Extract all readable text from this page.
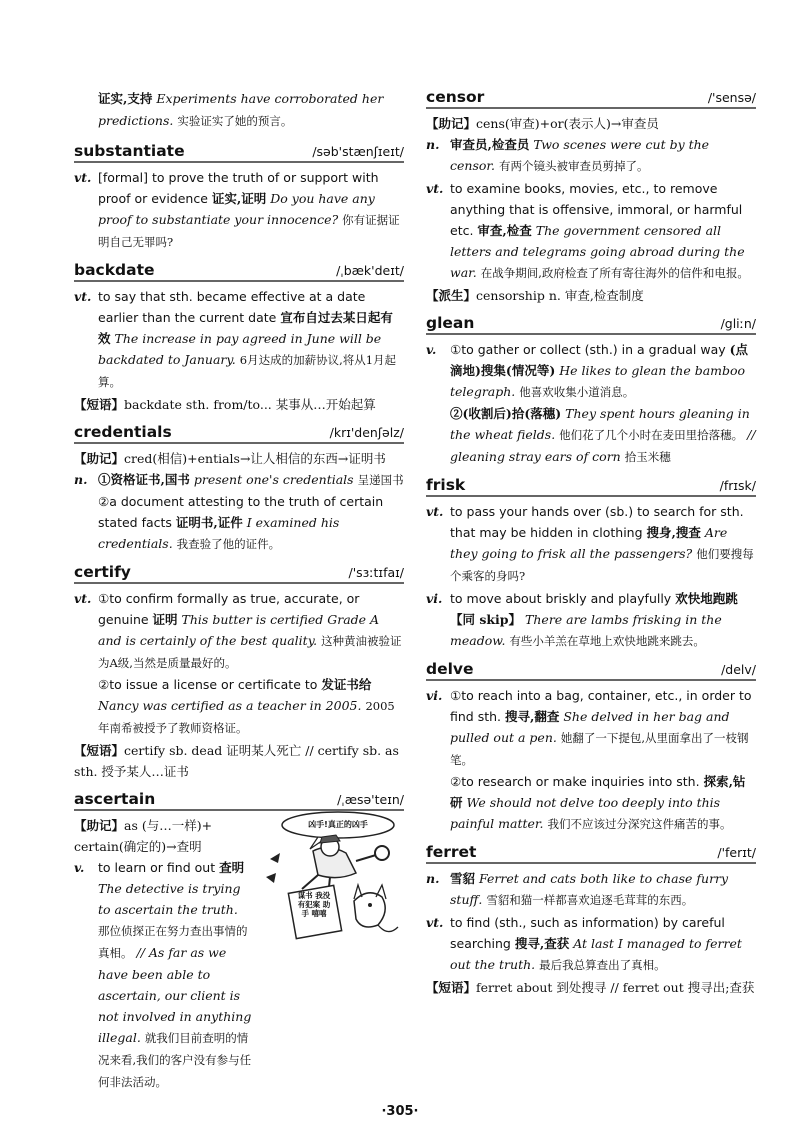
证实,支持 Experiments have corroborated her predictions. 实验证实了她的预言。
substantiate	/səb'stænʃɪeɪt/
vt. [formal] to prove the truth of or support with proof or evidence 证实,证明 Do you have any proof to substantiate your innocence? 你有证据证明自己无罪吗?
backdate	/ˌbæk'deɪt/
vt. to say that sth. became effective at a date earlier than the current date 宣布自过去某日起有效 The increase in pay agreed in June will be backdated to January. 6月达成的加薪协议,将从1月起算。
【短语】backdate sth. from/to... 某事从…开始起算
credentials	/krɪ'denʃəlz/
【助记】cred(相信)+entials→让人相信的东西→证明书
n. ①资格证书,国书 present one's credentials 呈递国书
②a document attesting to the truth of certain stated facts 证明书,证件 I examined his credentials. 我查验了他的证件。
certify	/'sɜːtɪfaɪ/
vt. ①to confirm formally as true, accurate, or genuine 证明 This butter is certified Grade A and is certainly of the best quality. 这种黄油被验证为A级,当然是质量最好的。
②to issue a license or certificate to 发证书给 Nancy was certified as a teacher in 2005. 2005年南希被授予了教师资格证。
【短语】certify sb. dead 证明某人死亡 // certify sb. as sth. 授予某人…证书
ascertain	/ˌæsə'teɪn/
凶手!真正的凶手
谋书 我没有犯案 助手 嘻嘻
【助记】as (与…一样)+ certain(确定的)→查明
v.	to learn or find out 查明 The detective is trying to ascertain the truth. 那位侦探正在努力查出事情的真相。 // As far as we have been able to ascertain, our client is not involved in anything illegal. 就我们目前查明的情况来看,我们的客户没有参与任何非法活动。
censor	/'sensə/
【助记】cens(审查)+or(表示人)→审查员
n. 审查员,检查员 Two scenes were cut by the censor. 有两个镜头被审查员剪掉了。
vt. to examine books, movies, etc., to remove anything that is offensive, immoral, or harmful etc. 审查,检查 The government censored all letters and telegrams going abroad during the war. 在战争期间,政府检查了所有寄往海外的信件和电报。
【派生】censorship n. 审查,检查制度
glean	/gliːn/
v.	①to gather or collect (sth.) in a gradual way (点滴地)搜集(情况等) He likes to glean the bamboo telegraph. 他喜欢收集小道消息。
②(收割后)拾(落穗) They spent hours gleaning in the wheat fields. 他们花了几个小时在麦田里拾落穗。 // gleaning stray ears of corn 拾玉米穗
frisk	/frɪsk/
vt. to pass your hands over (sb.) to search for sth. that may be hidden in clothing 搜身,搜查 Are they going to frisk all the passengers? 他们要搜每个乘客的身吗?
vi. to move about briskly and playfully 欢快地跑跳【同 skip】 There are lambs frisking in the meadow. 有些小羊羔在草地上欢快地跳来跳去。
delve	/delv/
vi. ①to reach into a bag, container, etc., in order to find sth. 搜寻,翻查 She delved in her bag and pulled out a pen. 她翻了一下提包,从里面拿出了一枝钢笔。
②to research or make inquiries into sth. 探索,钻研 We should not delve too deeply into this painful matter. 我们不应该过分深究这件痛苦的事。
ferret	/'ferɪt/
n. 雪貂 Ferret and cats both like to chase furry stuff. 雪貂和猫一样都喜欢追逐毛茸茸的东西。
vt. to find (sth., such as information) by careful searching 搜寻,查获 At last I managed to ferret out the truth. 最后我总算查出了真相。
【短语】ferret about 到处搜寻 // ferret out 搜寻出;查获
·305·
